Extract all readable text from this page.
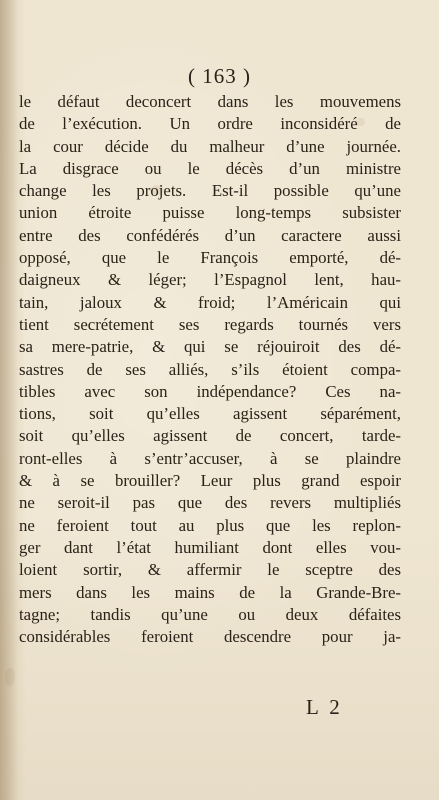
( 163 )
le défaut deconcert dans les mouvemens
de l’exécution. Un ordre inconsidéré de
la cour décide du malheur d’une journée.
La disgrace ou le décès d’un ministre
change les projets. Est-il possible qu’une
union étroite puisse long-temps subsister
entre des confédérés d’un caractere aussi
opposé, que le François emporté, dé-
daigneux & léger; l’Espagnol lent, hau-
tain, jaloux & froid; l’Américain qui
tient secrétement ses regards tournés vers
sa mere-patrie, & qui se réjouiroit des dé-
sastres de ses alliés, s’ils étoient compa-
tibles avec son indépendance? Ces na-
tions, soit qu’elles agissent séparément,
soit qu’elles agissent de concert, tarde-
ront-elles à s’entr’accuser, à se plaindre
& à se brouiller? Leur plus grand espoir
ne seroit-il pas que des revers multipliés
ne feroient tout au plus que les replon-
ger dant l’état humiliant dont elles vou-
loient sortir, & affermir le sceptre des
mers dans les mains de la Grande-Bre-
tagne; tandis qu’une ou deux défaites
considérables feroient descendre pour ja-
L 2
